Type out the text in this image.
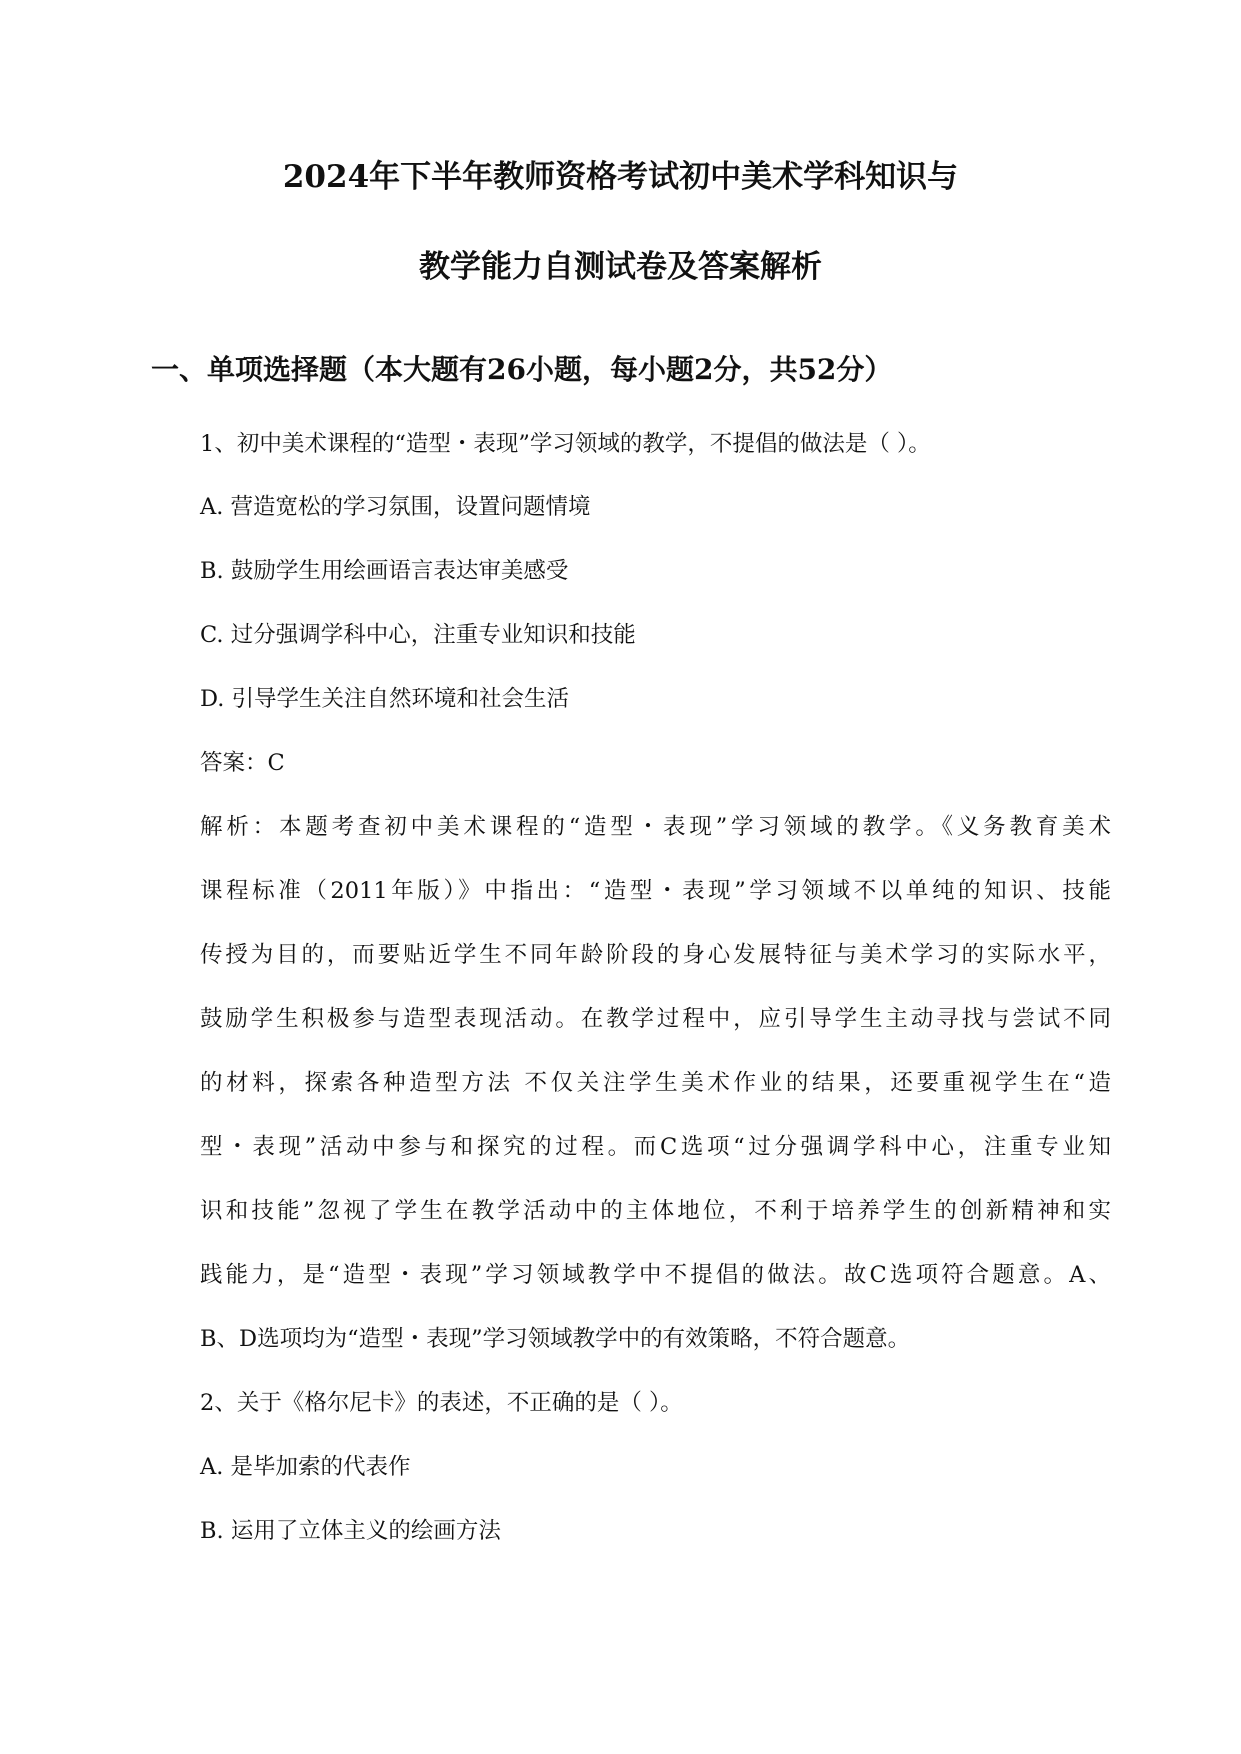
2024年下半年教师资格考试初中美术学科知识与
教学能力自测试卷及答案解析
一、单项选择题（本大题有26小题，每小题2分，共52分）
1、初中美术课程的“造型・表现”学习领域的教学，不提倡的做法是（ ）。
A. 营造宽松的学习氛围，设置问题情境
B. 鼓励学生用绘画语言表达审美感受
C. 过分强调学科中心，注重专业知识和技能
D. 引导学生关注自然环境和社会生活
答案：C
解析：本题考查初中美术课程的“造型・表现”学习领域的教学。《义务教育美术
课程标准（2011年版）》中指出：“造型・表现”学习领域不以单纯的知识、技能
传授为目的，而要贴近学生不同年龄阶段的身心发展特征与美术学习的实际水平，
鼓励学生积极参与造型表现活动。在教学过程中，应引导学生主动寻找与尝试不同
的材料，探索各种造型方法 不仅关注学生美术作业的结果，还要重视学生在“造
型・表现”活动中参与和探究的过程。而C选项“过分强调学科中心，注重专业知
识和技能”忽视了学生在教学活动中的主体地位，不利于培养学生的创新精神和实
践能力，是“造型・表现”学习领域教学中不提倡的做法。故C选项符合题意。A、
B、D选项均为“造型・表现”学习领域教学中的有效策略，不符合题意。
2、关于《格尔尼卡》的表述，不正确的是（ ）。
A. 是毕加索的代表作
B. 运用了立体主义的绘画方法
